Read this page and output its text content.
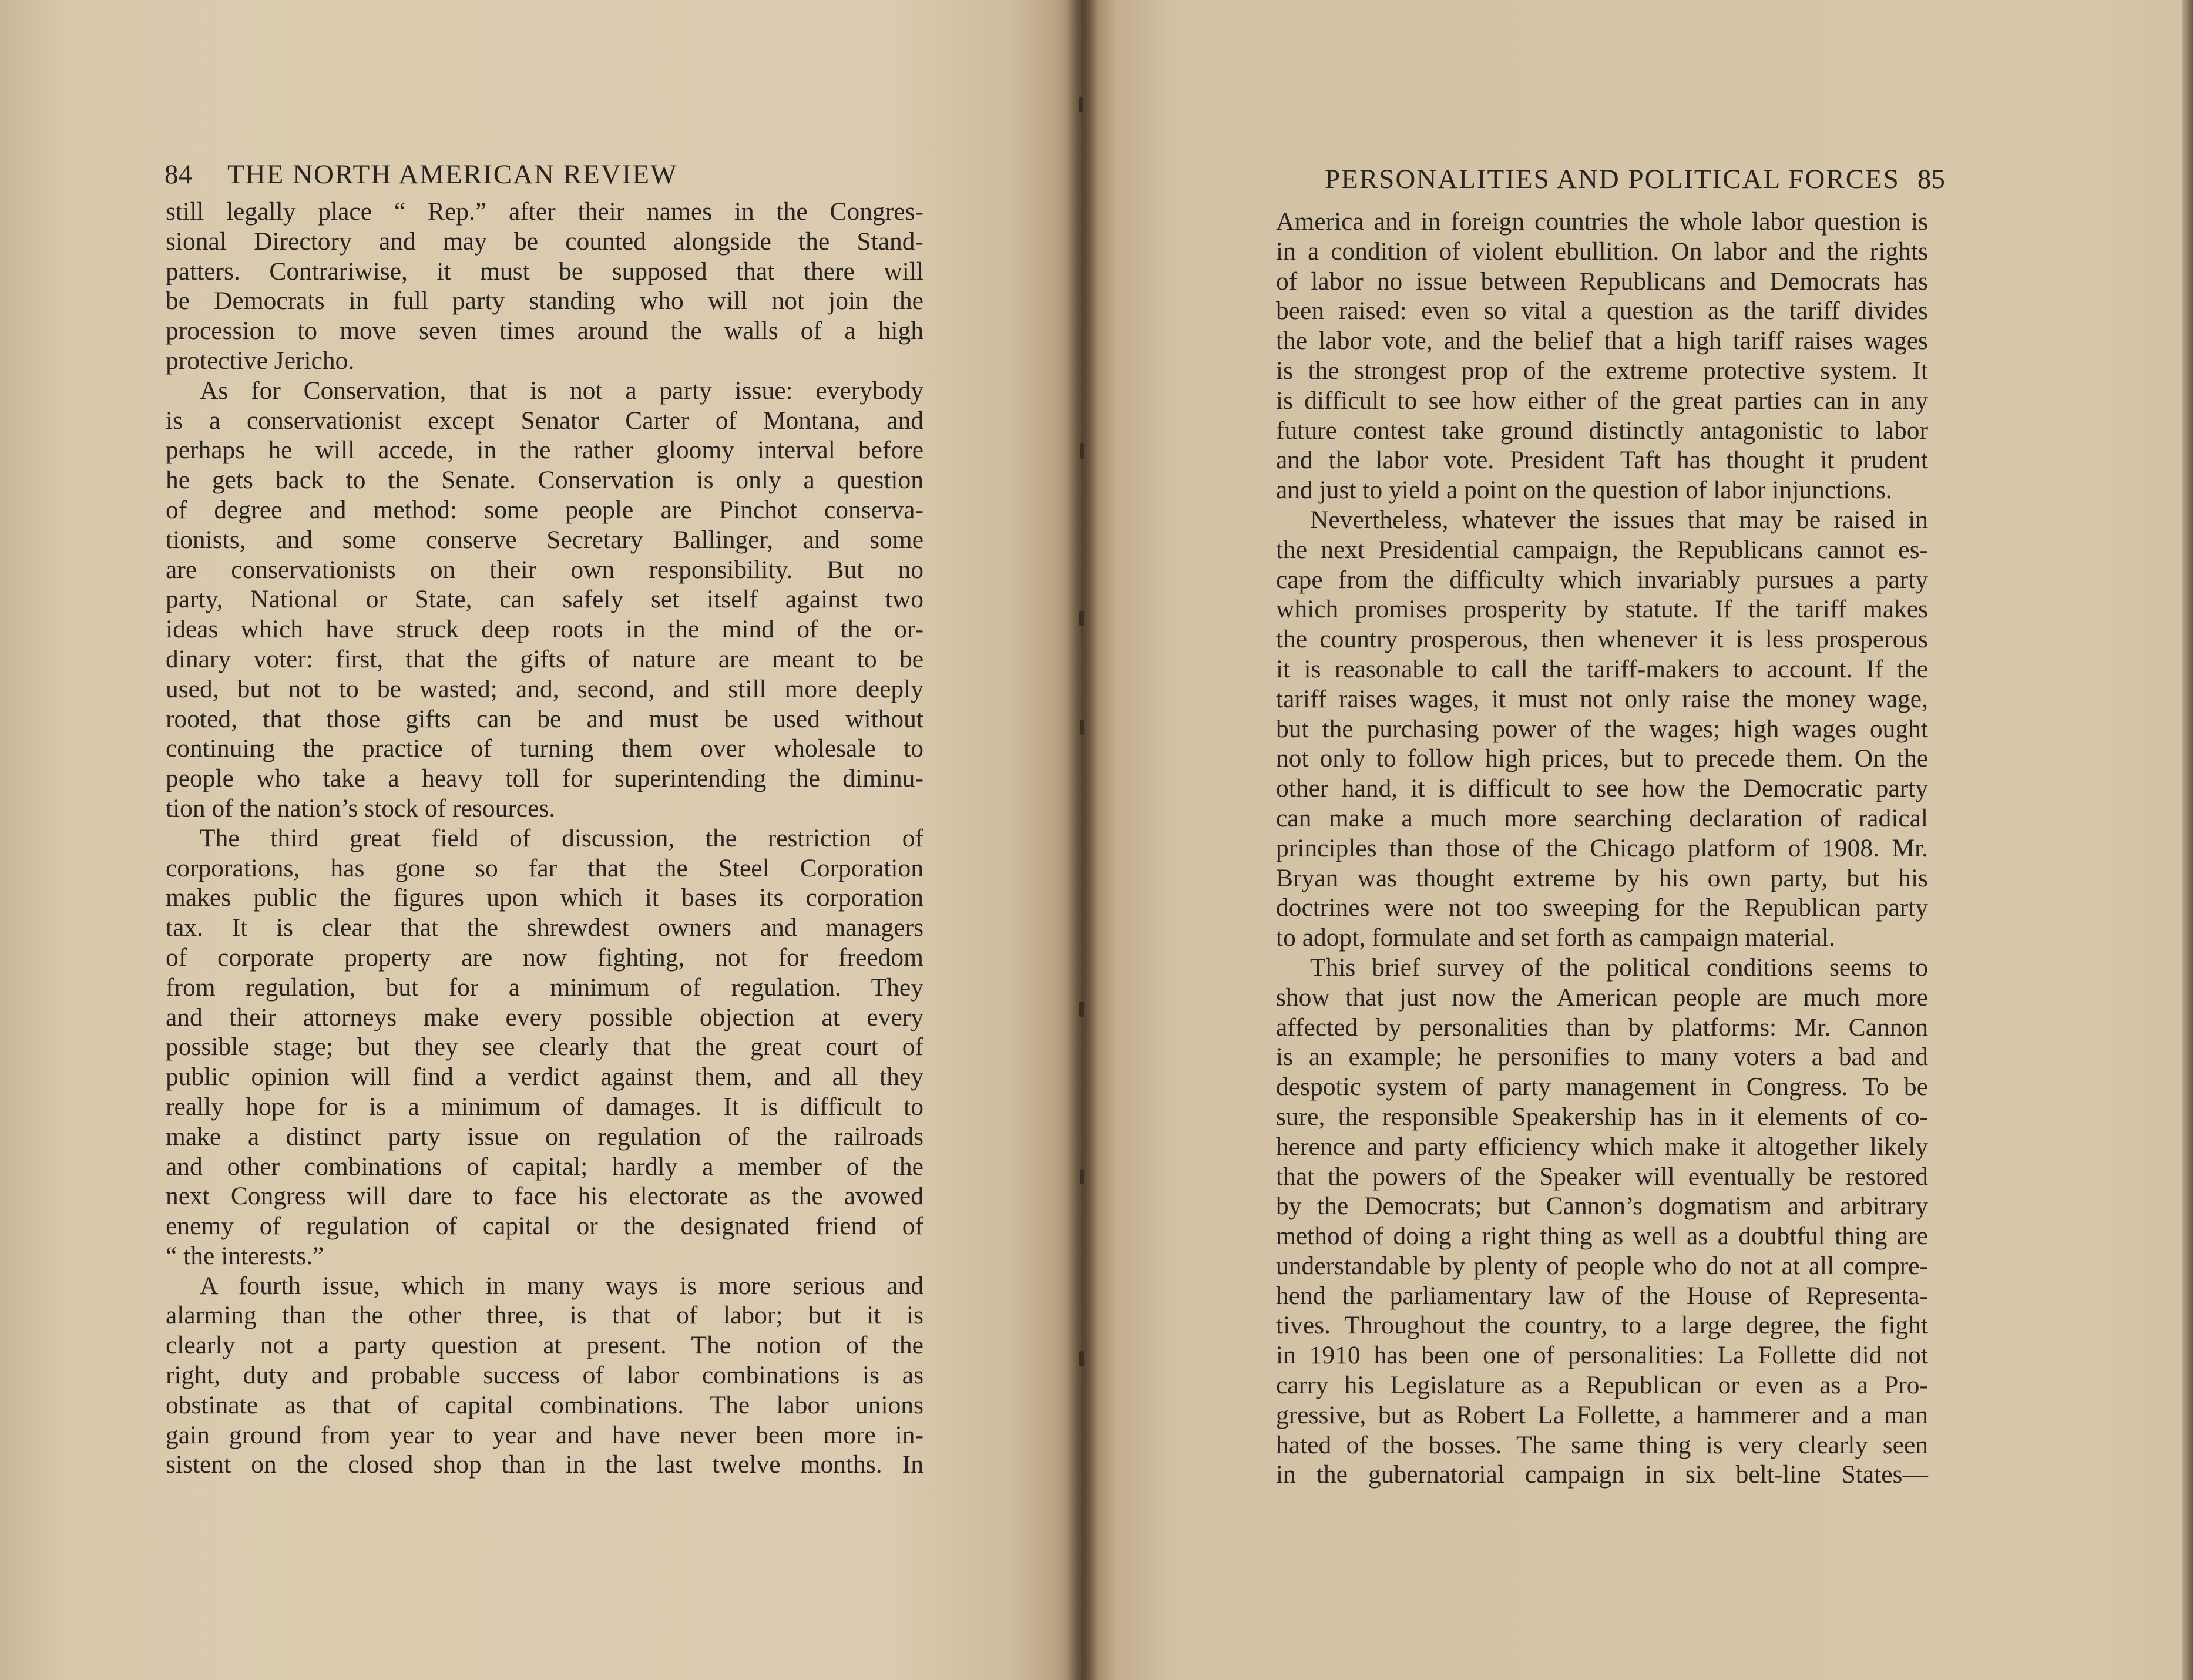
84 THE NORTH AMERICAN REVIEW

still legally place “ Rep.” after their names in the Congres-

sional Directory and may be counted alongside the Stand-

patters. Contrariwise, it must be supposed that there will

be Democrats in full party standing who will not join the

procession to move seven times around the walls of a high

protective Jericho.

As for Conservation, that is not a party issue: everybody

is a conservationist except Senator Carter of Montana, and

perhaps he will accede, in the rather gloomy interval before

he gets back to the Senate. Conservation is only a question

of degree and method: some people are Pinchot conserva-

tionists, and some conserve Secretary Ballinger, and some

are conservationists on their own responsibility. But no

party, National or State, can safely set itself against two

ideas which have struck deep roots in the mind of the or-

dinary voter: first, that the gifts of nature are meant to be

used, but not to be wasted; and, second, and still more deeply

rooted, that those gifts can be and must be used without

continuing the practice of turning them over wholesale to

people who take a heavy toll for superintending the diminu-

tion of the nation’s stock of resources.

The third great field of discussion, the restriction of

corporations, has gone so far that the Steel Corporation

makes public the figures upon which it bases its corporation

tax. It is clear that the shrewdest owners and managers

of corporate property are now fighting, not for freedom

from regulation, but for a minimum of regulation. They

and their attorneys make every possible objection at every

possible stage; but they see clearly that the great court of

public opinion will find a verdict against them, and all they

really hope for is a minimum of damages. It is difficult to

make a distinct party issue on regulation of the railroads

and other combinations of capital; hardly a member of the

next Congress will dare to face his electorate as the avowed

enemy of regulation of capital or the designated friend of

“ the interests.”

A fourth issue, which in many ways is more serious and

alarming than the other three, is that of labor; but it is

clearly not a party question at present. The notion of the

right, duty and probable success of labor combinations is as

obstinate as that of capital combinations. The labor unions

gain ground from year to year and have never been more in-

sistent on the closed shop than in the last twelve months. In

PERSONALITIES AND POLITICAL FORCES 85

America and in foreign countries the whole labor question is

in a condition of violent ebullition. On labor and the rights

of labor no issue between Republicans and Democrats has

been raised: even so vital a question as the tariff divides

the labor vote, and the belief that a high tariff raises wages

is the strongest prop of the extreme protective system. It

is difficult to see how either of the great parties can in any

future contest take ground distinctly antagonistic to labor

and the labor vote. President Taft has thought it prudent

and just to yield a point on the question of labor injunctions.

Nevertheless, whatever the issues that may be raised in

the next Presidential campaign, the Republicans cannot es-

cape from the difficulty which invariably pursues a party

which promises prosperity by statute. If the tariff makes

the country prosperous, then whenever it is less prosperous

it is reasonable to call the tariff-makers to account. If the

tariff raises wages, it must not only raise the money wage,

but the purchasing power of the wages; high wages ought

not only to follow high prices, but to precede them. On the

other hand, it is difficult to see how the Democratic party

can make a much more searching declaration of radical

principles than those of the Chicago platform of 1908. Mr.

Bryan was thought extreme by his own party, but his

doctrines were not too sweeping for the Republican party

to adopt, formulate and set forth as campaign material.

This brief survey of the political conditions seems to

show that just now the American people are much more

affected by personalities than by platforms: Mr. Cannon

is an example; he personifies to many voters a bad and

despotic system of party management in Congress. To be

sure, the responsible Speakership has in it elements of co-

herence and party efficiency which make it altogether likely

that the powers of the Speaker will eventually be restored

by the Democrats; but Cannon’s dogmatism and arbitrary

method of doing a right thing as well as a doubtful thing are

understandable by plenty of people who do not at all compre-

hend the parliamentary law of the House of Representa-

tives. Throughout the country, to a large degree, the fight

in 1910 has been one of personalities: La Follette did not

carry his Legislature as a Republican or even as a Pro-

gressive, but as Robert La Follette, a hammerer and a man

hated of the bosses. The same thing is very clearly seen

in the gubernatorial campaign in six belt-line States—
